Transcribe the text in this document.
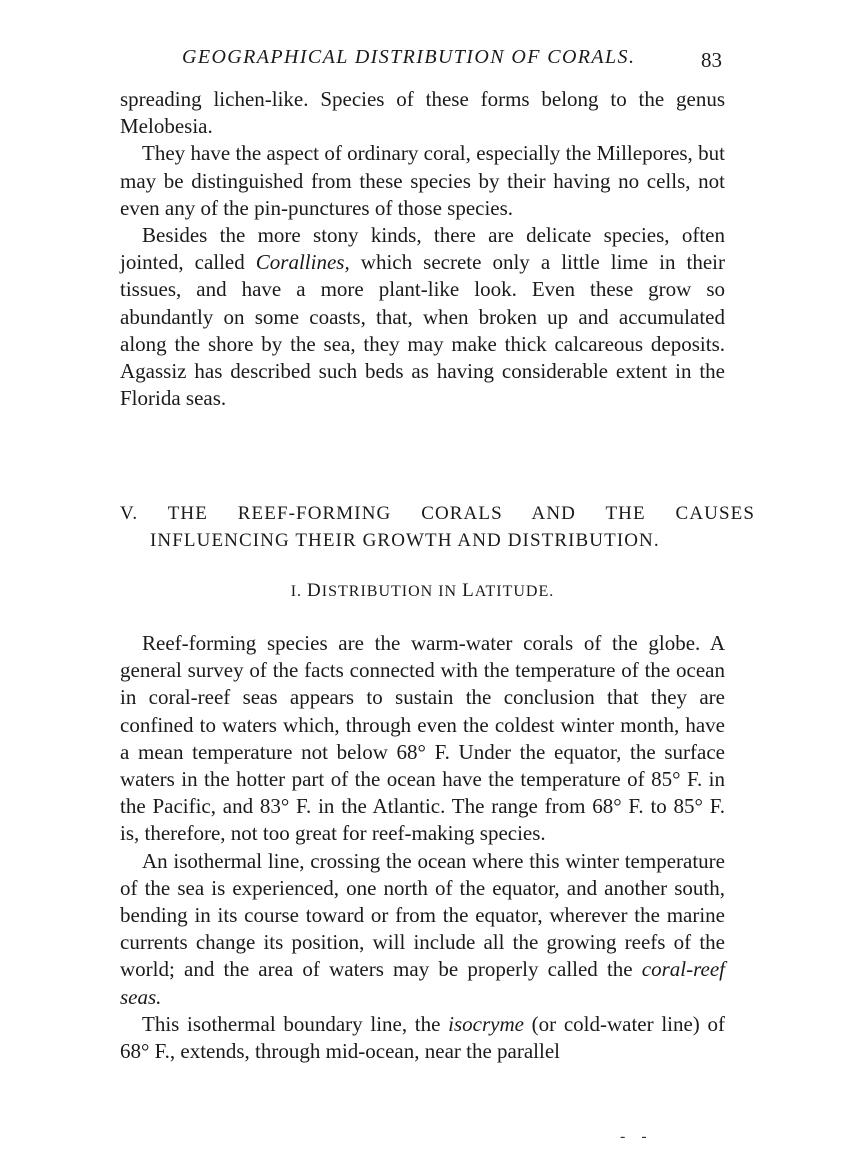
GEOGRAPHICAL DISTRIBUTION OF CORALS.	83

spreading lichen-like. Species of these forms belong to the genus Melobesia.

They have the aspect of ordinary coral, especially the Millepores, but may be distinguished from these species by their having no cells, not even any of the pin-punctures of those species.

Besides the more stony kinds, there are delicate species, often jointed, called Corallines, which secrete only a little lime in their tissues, and have a more plant-like look. Even these grow so abundantly on some coasts, that, when broken up and accumulated along the shore by the sea, they may make thick calcareous deposits. Agassiz has described such beds as having considerable extent in the Florida seas.

V. THE REEF-FORMING CORALS AND THE CAUSES INFLUENCING THEIR GROWTH AND DISTRIBUTION.
I. DISTRIBUTION IN LATITUDE.

Reef-forming species are the warm-water corals of the globe. A general survey of the facts connected with the temperature of the ocean in coral-reef seas appears to sustain the conclusion that they are confined to waters which, through even the coldest winter month, have a mean temperature not below 68° F. Under the equator, the surface waters in the hotter part of the ocean have the temperature of 85° F. in the Pacific, and 83° F. in the Atlantic. The range from 68° F. to 85° F. is, therefore, not too great for reef-making species.

An isothermal line, crossing the ocean where this winter temperature of the sea is experienced, one north of the equator, and another south, bending in its course toward or from the equator, wherever the marine currents change its position, will include all the growing reefs of the world; and the area of waters may be properly called the coral-reef seas.

This isothermal boundary line, the isocryme (or cold-water line) of 68° F., extends, through mid-ocean, near the parallel

- -
